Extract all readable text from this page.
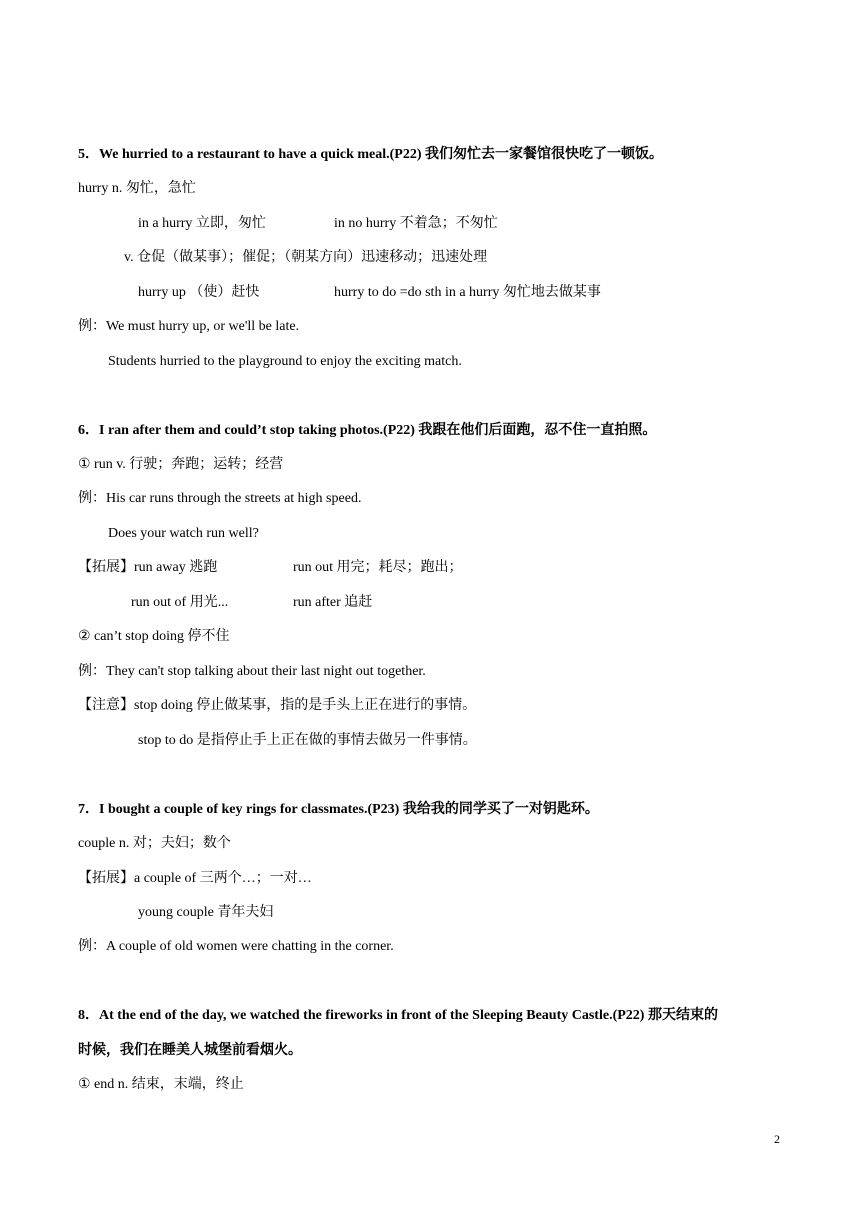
5．We hurried to a restaurant to have a quick meal.(P22) 我们匆忙去一家餐馆很快吃了一顿饭。
hurry n. 匆忙，急忙
in a hurry 立即，匆忙	in no hurry 不着急；不匆忙
v. 仓促（做某事）；催促；（朝某方向）迅速移动；迅速处理
hurry up （使）赶快	hurry to do =do sth in a hurry 匆忙地去做某事
例：We must hurry up, or we'll be late.
Students hurried to the playground to enjoy the exciting match.
6．I ran after them and could’t stop taking photos.(P22) 我跟在他们后面跑，忍不住一直拍照。
① run v. 行驶；奔跑；运转；经营
例：His car runs through the streets at high speed.
Does your watch run well?
【拓展】run away 逃跑	run out 用完；耗尽；跑出；
run out of 用光...	run after 追赶
② can’t stop doing 停不住
例：They can't stop talking about their last night out together.
【注意】stop doing 停止做某事，指的是手头上正在进行的事情。
stop to do 是指停止手上正在做的事情去做另一件事情。
7．I bought a couple of key rings for classmates.(P23) 我给我的同学买了一对钥匙环。
couple n. 对；夫妇；数个
【拓展】a couple of 三两个…；一对…
young couple 青年夫妇
例：A couple of old women were chatting in the corner.
8．At the end of the day, we watched the fireworks in front of the Sleeping Beauty Castle.(P22) 那天结束的
时候，我们在睡美人城堡前看烟火。
① end n. 结束，末端，终止
2
